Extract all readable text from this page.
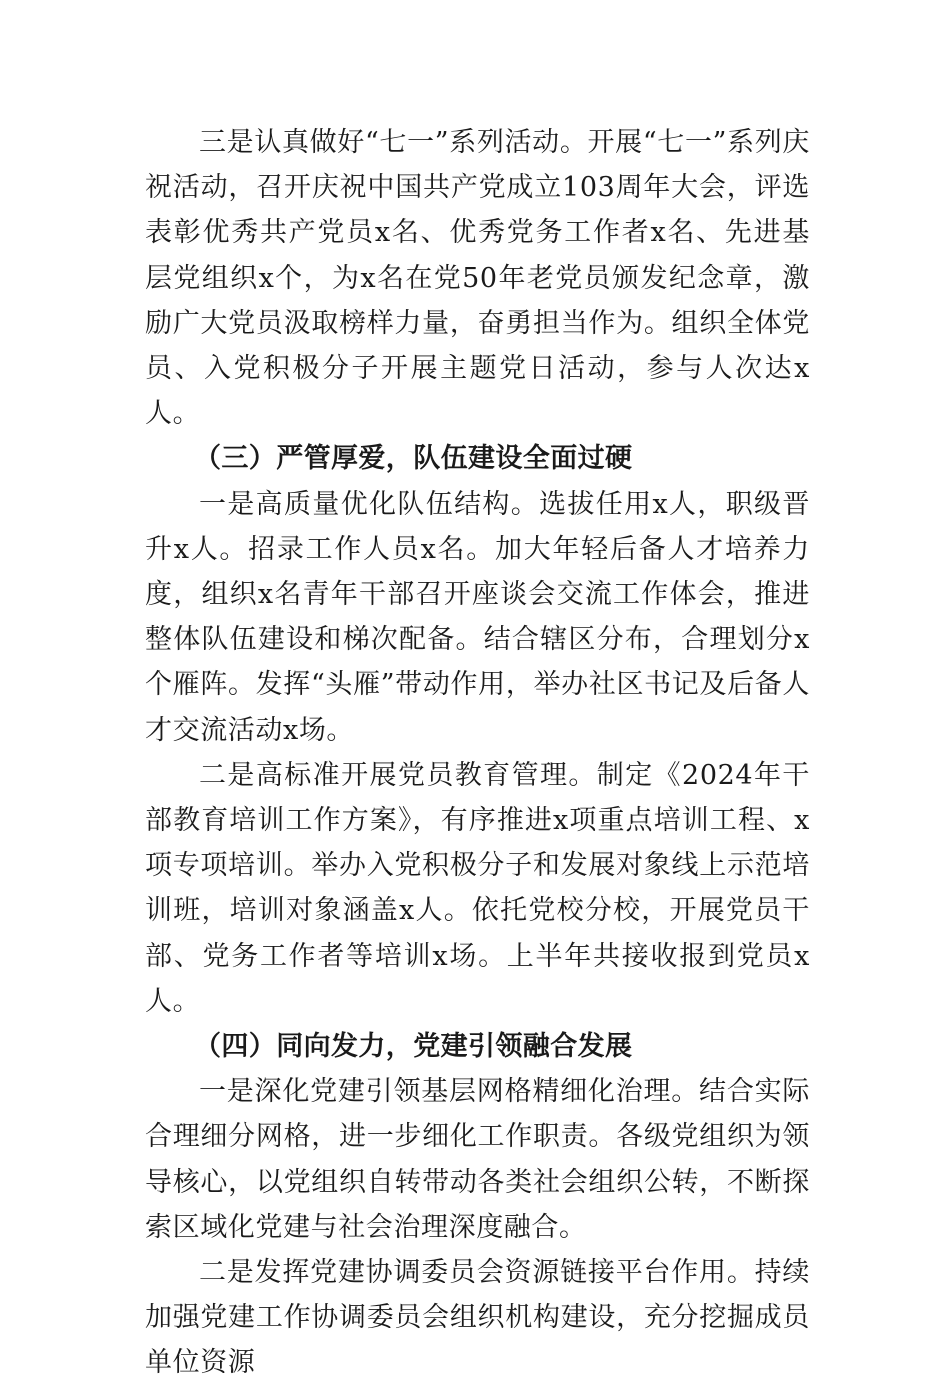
三是认真做好“七一”系列活动。开展“七一”系列庆祝活动，召开庆祝中国共产党成立103周年大会，评选表彰优秀共产党员x名、优秀党务工作者x名、先进基层党组织x个，为x名在党50年老党员颁发纪念章，激励广大党员汲取榜样力量，奋勇担当作为。组织全体党员、入党积极分子开展主题党日活动，参与人次达x人。

（三）严管厚爱，队伍建设全面过硬

一是高质量优化队伍结构。选拔任用x人，职级晋升x人。招录工作人员x名。加大年轻后备人才培养力度，组织x名青年干部召开座谈会交流工作体会，推进整体队伍建设和梯次配备。结合辖区分布，合理划分x个雁阵。发挥“头雁”带动作用，举办社区书记及后备人才交流活动x场。

二是高标准开展党员教育管理。制定《2024年干部教育培训工作方案》，有序推进x项重点培训工程、x项专项培训。举办入党积极分子和发展对象线上示范培训班，培训对象涵盖x人。依托党校分校，开展党员干部、党务工作者等培训x场。上半年共接收报到党员x人。

（四）同向发力，党建引领融合发展

一是深化党建引领基层网格精细化治理。结合实际合理细分网格，进一步细化工作职责。各级党组织为领导核心，以党组织自转带动各类社会组织公转，不断探索区域化党建与社会治理深度融合。

二是发挥党建协调委员会资源链接平台作用。持续加强党建工作协调委员会组织机构建设，充分挖掘成员单位资源
